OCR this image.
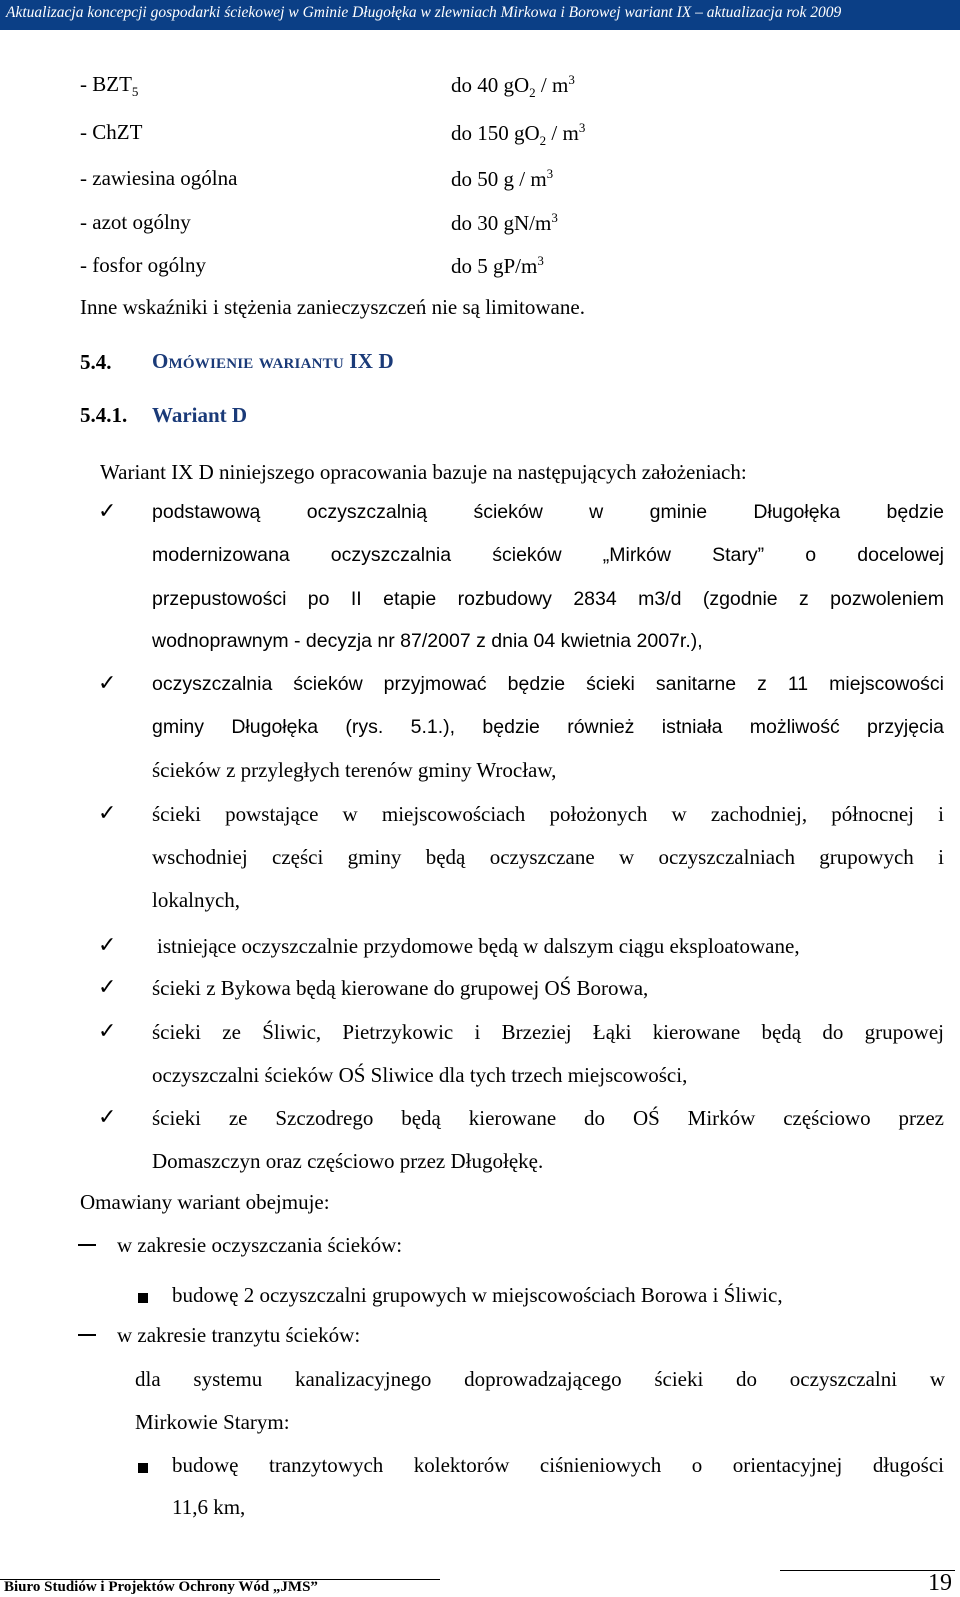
Aktualizacja koncepcji gospodarki ściekowej w Gminie Długołęka w zlewniach Mirkowa i Borowej wariant IX – aktualizacja rok 2009
- $BZT_5$	do 40 $gO_2 / m^3$
- ChZT	do 150 $gO_2 / m^3$
- zawiesina ogólna	do 50 g / $m^3$
- azot ogólny	do 30 $gN/m^3$
- fosfor ogólny	do 5 $gP/m^3$
Inne wskaźniki i stężenia zanieczyszczeń nie są limitowane.
5.4. Omówienie wariantu IX D
5.4.1. Wariant D
Wariant IX D niniejszego opracowania bazuje na następujących założeniach:
✓ podstawową oczyszczalnią ścieków w gminie Długołęka będzie
modernizowana oczyszczalnia ścieków „Mirków Stary” o docelowej
przepustowości po II etapie rozbudowy 2834 m3/d (zgodnie z pozwoleniem
wodnoprawnym - decyzja nr 87/2007 z dnia 04 kwietnia 2007r.),
✓ oczyszczalnia ścieków przyjmować będzie ścieki sanitarne z 11 miejscowości
gminy Długołęka (rys. 5.1.), będzie również istniała możliwość przyjęcia
ścieków z przyległych terenów gminy Wrocław,
✓ ścieki powstające w miejscowościach położonych w zachodniej, północnej i
wschodniej części gminy będą oczyszczane w oczyszczalniach grupowych i
lokalnych,
✓ istniejące oczyszczalnie przydomowe będą w dalszym ciągu eksploatowane,
✓ ścieki z Bykowa będą kierowane do grupowej OŚ Borowa,
✓ ścieki ze Śliwic, Pietrzykowic i Brzeziej Łąki kierowane będą do grupowej
oczyszczalni ścieków OŚ Sliwice dla tych trzech miejscowości,
✓ ścieki ze Szczodrego będą kierowane do OŚ Mirków częściowo przez
Domaszczyn oraz częściowo przez Długołękę.
Omawiany wariant obejmuje:
w zakresie oczyszczania ścieków:
budowę 2 oczyszczalni grupowych w miejscowościach Borowa i Śliwic,
w zakresie tranzytu ścieków:
dla systemu kanalizacyjnego doprowadzającego ścieki do oczyszczalni w
Mirkowie Starym:
budowę tranzytowych kolektorów ciśnieniowych o orientacyjnej długości
11,6 km,
Biuro Studiów i Projektów Ochrony Wód „JMS”	19
